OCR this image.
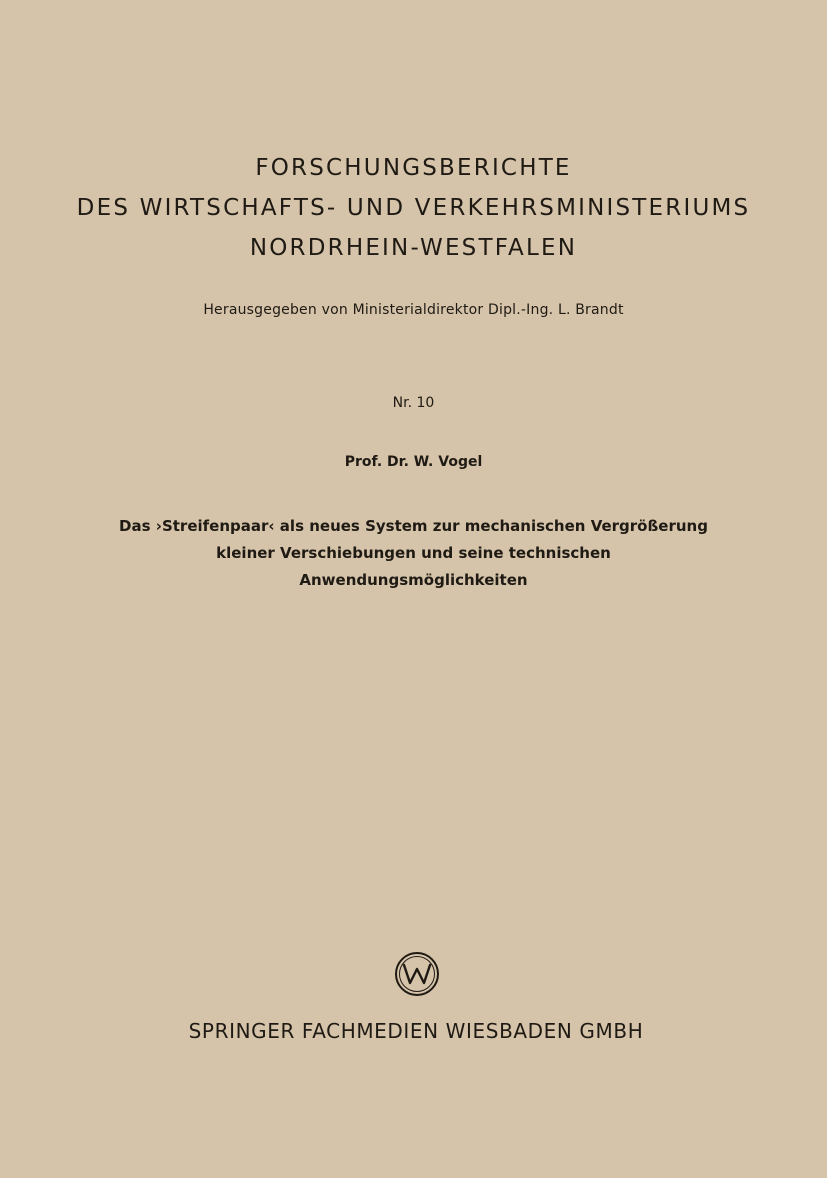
FORSCHUNGSBERICHTE
DES WIRTSCHAFTS- UND VERKEHRSMINISTERIUMS
NORDRHEIN-WESTFALEN
Herausgegeben von Ministerialdirektor Dipl.-Ing. L. Brandt
Nr. 10
Prof. Dr. W. Vogel
Das ›Streifenpaar‹ als neues System zur mechanischen Vergrößerung
kleiner Verschiebungen und seine technischen
Anwendungsmöglichkeiten
SPRINGER FACHMEDIEN WIESBADEN GMBH
